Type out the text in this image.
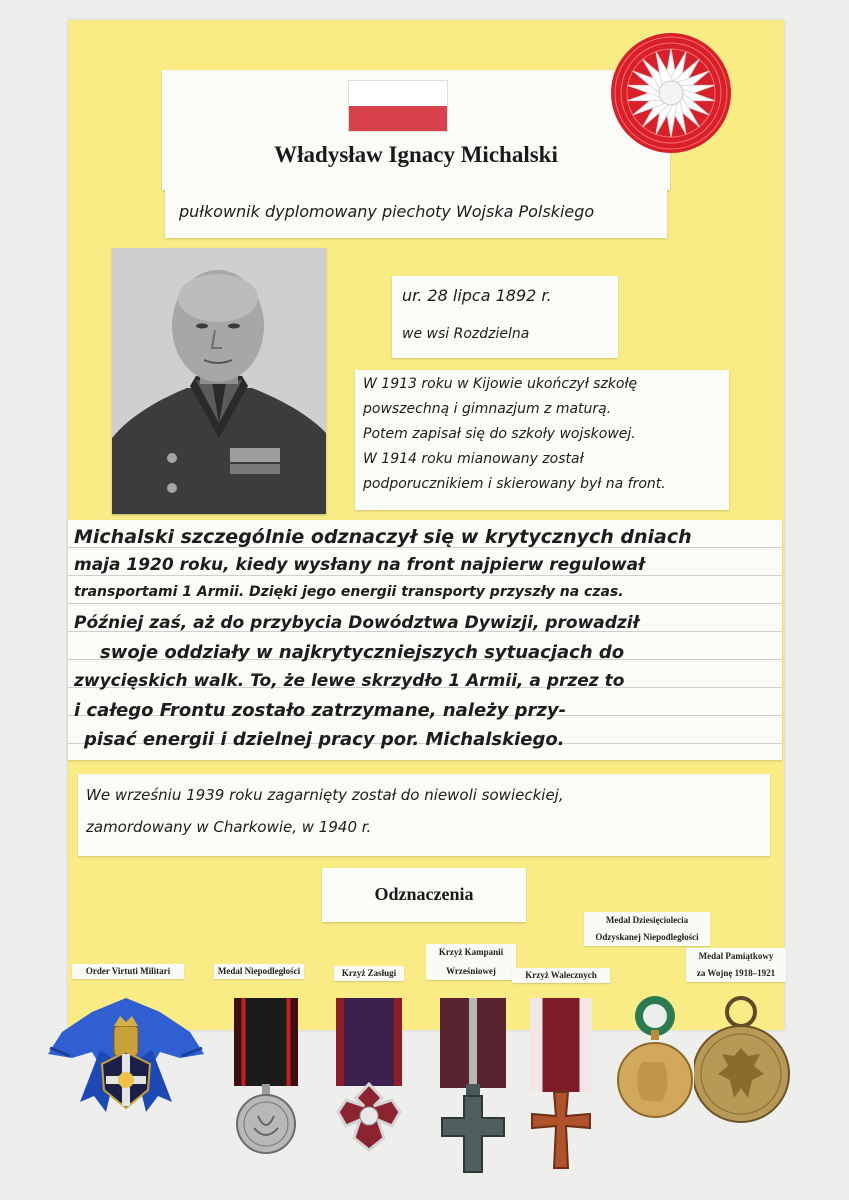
Władysław Ignacy Michalski
pułkownik dyplomowany piechoty Wojska Polskiego
ur. 28 lipca 1892 r.
we wsi Rozdzielna
W 1913 roku w Kijowie ukończył szkołę
powszechną i gimnazjum z maturą.
Potem zapisał się do szkoły wojskowej.
W 1914 roku mianowany został
podporucznikiem i skierowany był na front.
Michalski szczególnie odznaczył się w krytycznych dniach
maja 1920 roku, kiedy wysłany na front najpierw regulował
transportami 1 Armii. Dzięki jego energii transporty przyszły na czas.
Później zaś, aż do przybycia Dowództwa Dywizji, prowadził
swoje oddziały w najkrytyczniejszych sytuacjach do
zwycięskich walk. To, że lewe skrzydło 1 Armii, a przez to
i całego Frontu zostało zatrzymane, należy przy-
pisać energii i dzielnej pracy por. Michalskiego.
We wrześniu 1939 roku zagarnięty został do niewoli sowieckiej,
zamordowany w Charkowie, w 1940 r.
Odznaczenia
Order Virtuti Militari	Medal Niepodległości	Krzyż Zasługi
Krzyż Kampanii
Wrześniowej	Krzyż Walecznych
Medal Dziesięciolecia
Odzyskanej Niepodległości
Medal Pamiątkowy
za Wojnę 1918–1921
